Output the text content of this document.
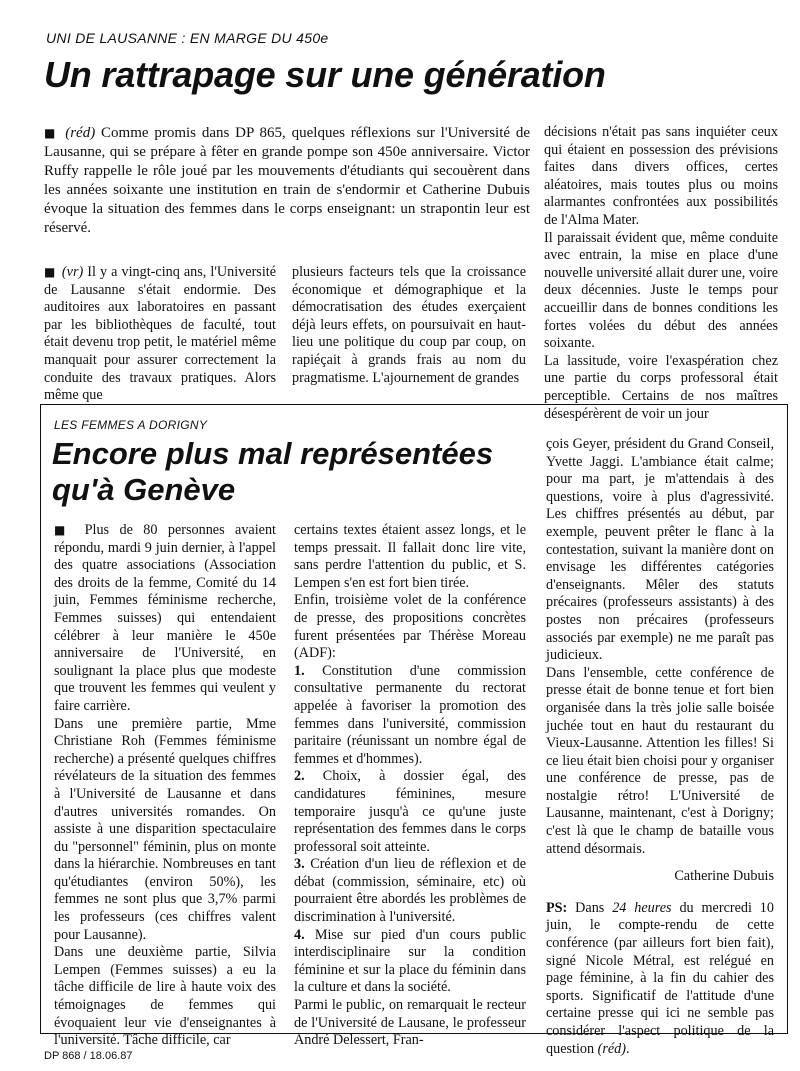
UNI DE LAUSANNE : EN MARGE DU 450e
Un rattrapage sur une génération

■ (réd) Comme promis dans DP 865, quelques réflexions sur l'Université de Lausanne, qui se prépare à fêter en grande pompe son 450e anniversaire. Victor Ruffy rappelle le rôle joué par les mouvements d'étudiants qui secouèrent dans les années soixante une institution en train de s'endormir et Catherine Dubuis évoque la situation des femmes dans le corps enseignant: un strapontin leur est réservé.

■ (vr) Il y a vingt-cinq ans, l'Université de Lausanne s'était endormie. Des auditoires aux laboratoires en passant par les bibliothèques de faculté, tout était devenu trop petit, le matériel même manquait pour assurer correctement la conduite des travaux pratiques. Alors même que

plusieurs facteurs tels que la croissance économique et démographique et la démocratisation des études exerçaient déjà leurs effets, on poursuivait en haut-lieu une politique du coup par coup, on rapiéçait à grands frais au nom du pragmatisme. L'ajournement de grandes

décisions n'était pas sans inquiéter ceux qui étaient en possession des prévisions faites dans divers offices, certes aléatoires, mais toutes plus ou moins alarmantes confrontées aux possibilités de l'Alma Mater.

Il paraissait évident que, même conduite avec entrain, la mise en place d'une nouvelle université allait durer une, voire deux décennies. Juste le temps pour accueillir dans de bonnes conditions les fortes volées du début des années soixante.

La lassitude, voire l'exaspération chez une partie du corps professoral était perceptible. Certains de nos maîtres désespérèrent de voir un jour

LES FEMMES A DORIGNY
Encore plus mal représentées qu'à Genève

■ Plus de 80 personnes avaient répondu, mardi 9 juin dernier, à l'appel des quatre associations (Association des droits de la femme, Comité du 14 juin, Femmes féminisme recherche, Femmes suisses) qui entendaient célébrer à leur manière le 450e anniversaire de l'Université, en soulignant la place plus que modeste que trouvent les femmes qui veulent y faire carrière.

Dans une première partie, Mme Christiane Roh (Femmes féminisme recherche) a présenté quelques chiffres révélateurs de la situation des femmes à l'Université de Lausanne et dans d'autres universités romandes. On assiste à une disparition spectaculaire du "personnel" féminin, plus on monte dans la hiérarchie. Nombreuses en tant qu'étudiantes (environ 50%), les femmes ne sont plus que 3,7% parmi les professeurs (ces chiffres valent pour Lausanne).

Dans une deuxième partie, Silvia Lempen (Femmes suisses) a eu la tâche difficile de lire à haute voix des témoignages de femmes qui évoquaient leur vie d'enseignantes à l'université. Tâche difficile, car

certains textes étaient assez longs, et le temps pressait. Il fallait donc lire vite, sans perdre l'attention du public, et S. Lempen s'en est fort bien tirée.

Enfin, troisième volet de la conférence de presse, des propositions concrètes furent présentées par Thérèse Moreau (ADF):

1. Constitution d'une commission consultative permanente du rectorat appelée à favoriser la promotion des femmes dans l'université, commission paritaire (réunissant un nombre égal de femmes et d'hommes).

2. Choix, à dossier égal, des candidatures féminines, mesure temporaire jusqu'à ce qu'une juste représentation des femmes dans le corps professoral soit atteinte.

3. Création d'un lieu de réflexion et de débat (commission, séminaire, etc) où pourraient être abordés les problèmes de discrimination à l'université.

4. Mise sur pied d'un cours public interdisciplinaire sur la condition féminine et sur la place du féminin dans la culture et dans la société.

Parmi le public, on remarquait le recteur de l'Université de Lausane, le professeur André Delessert, Fran-

çois Geyer, président du Grand Conseil, Yvette Jaggi. L'ambiance était calme; pour ma part, je m'attendais à des questions, voire à plus d'agressivité. Les chiffres présentés au début, par exemple, peuvent prêter le flanc à la contestation, suivant la manière dont on envisage les différentes catégories d'enseignants. Mêler des statuts précaires (professeurs assistants) à des postes non précaires (professeurs associés par exemple) ne me paraît pas judicieux.

Dans l'ensemble, cette conférence de presse était de bonne tenue et fort bien organisée dans la très jolie salle boisée juchée tout en haut du restaurant du Vieux-Lausanne. Attention les filles! Si ce lieu était bien choisi pour y organiser une conférence de presse, pas de nostalgie rétro! L'Université de Lausanne, maintenant, c'est à Dorigny; c'est là que le champ de bataille vous attend désormais.

Catherine Dubuis

PS: Dans 24 heures du mercredi 10 juin, le compte-rendu de cette conférence (par ailleurs fort bien fait), signé Nicole Métral, est relégué en page féminine, à la fin du cahier des sports. Significatif de l'attitude d'une certaine presse qui ici ne semble pas considérer l'aspect politique de la question (réd).

DP 868 / 18.06.87
